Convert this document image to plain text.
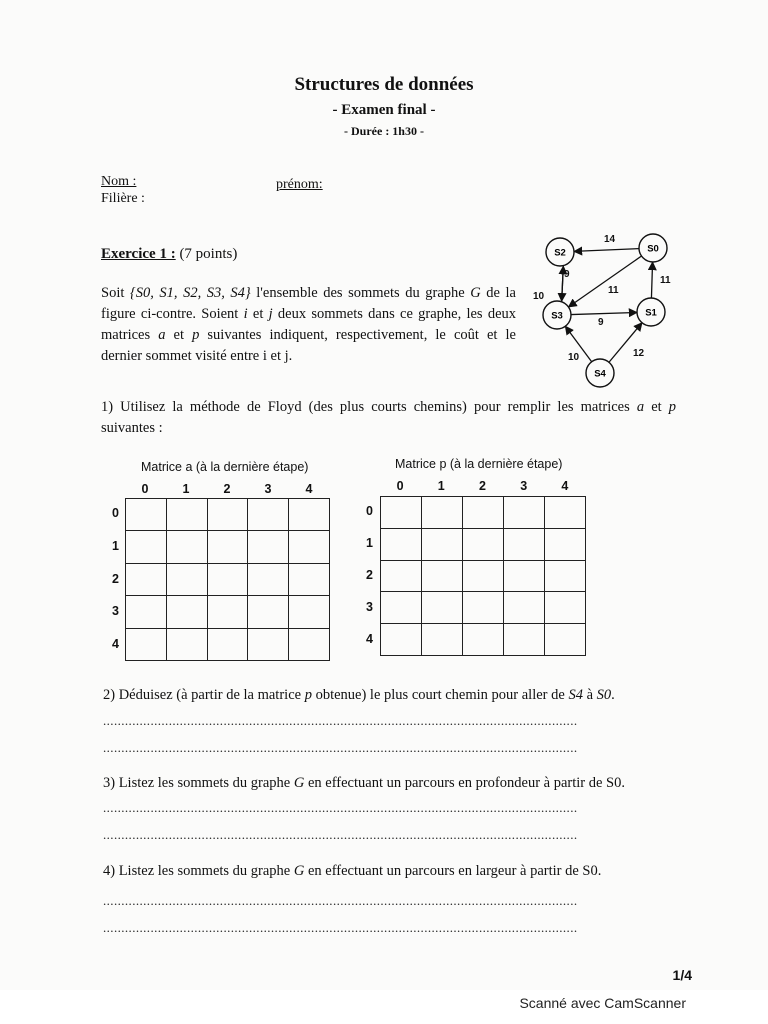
Structures de données
- Examen final -
- Durée : 1h30 -
Nom :	prénom:
Filière :
Exercice 1 : (7 points)
Soit {S0, S1, S2, S3, S4} l'ensemble des sommets du graphe G de la figure ci-contre. Soient i et j deux sommets dans ce graphe, les deux matrices a et p suivantes indiquent, respectivement, le coût et le dernier sommet visité entre i et j.
14
11
11
9
9
10
10	12
S0
S1
S2
S3
S4
1) Utilisez la méthode de Floyd (des plus courts chemins) pour remplir les matrices a et p suivantes :
Matrice a (à la dernière étape)
0	1	2	3	4
0
1
2
3
4

Matrice p (à la dernière étape)
0	1	2	3	4
0
1
2
3
4

2) Déduisez (à partir de la matrice p obtenue) le plus court chemin pour aller de S4 à S0.
..................................................................................................................................
..................................................................................................................................
3) Listez les sommets du graphe G en effectuant un parcours en profondeur à partir de S0.
..................................................................................................................................
..................................................................................................................................
4) Listez les sommets du graphe G en effectuant un parcours en largeur à partir de S0.
..................................................................................................................................
..................................................................................................................................
1/4
Scanné avec CamScanner
